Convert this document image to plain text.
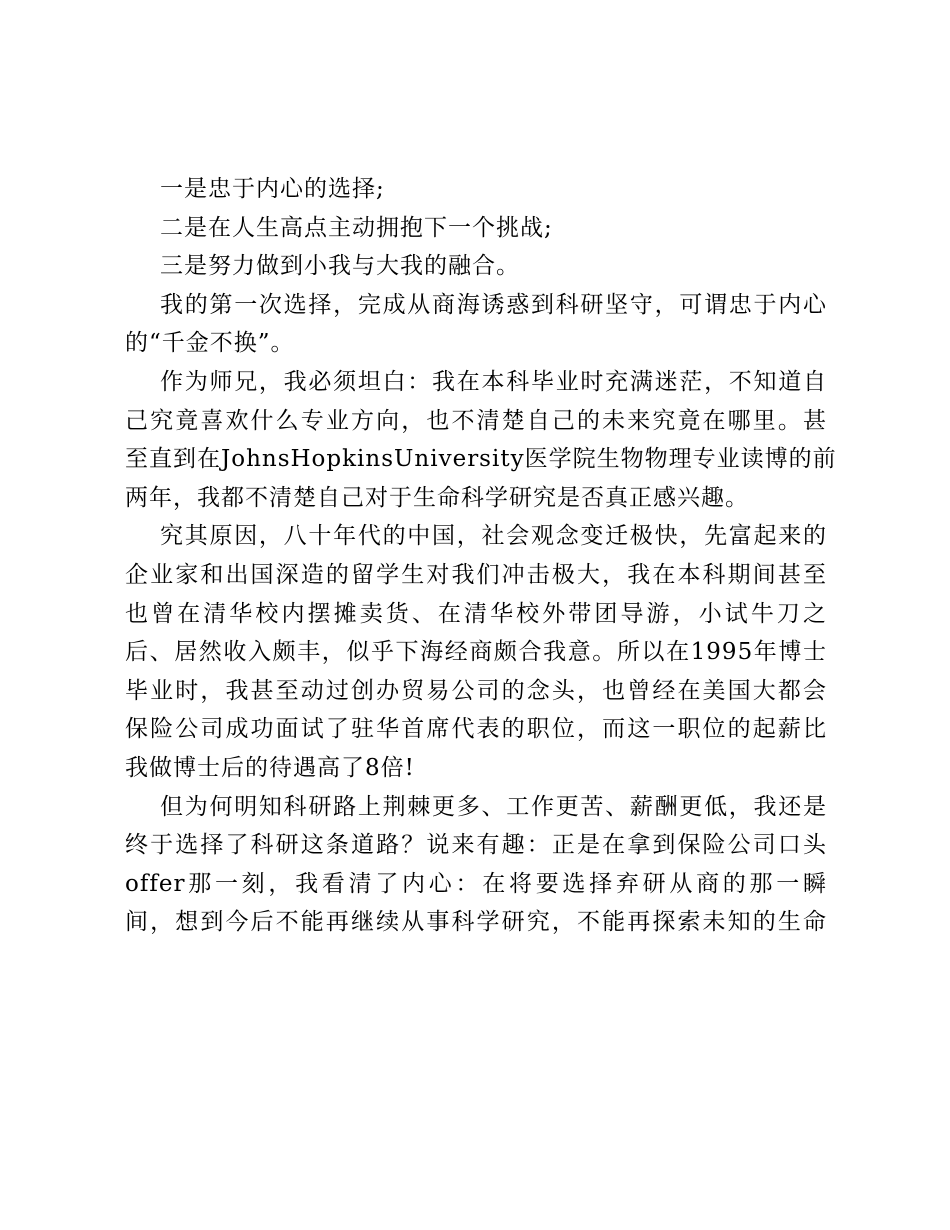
一是忠于内心的选择;
二是在人生高点主动拥抱下一个挑战;
三是努力做到小我与大我的融合。
我的第一次选择，完成从商海诱惑到科研坚守，可谓忠于内心
的“千金不换”。
作为师兄，我必须坦白：我在本科毕业时充满迷茫，不知道自
己究竟喜欢什么专业方向，也不清楚自己的未来究竟在哪里。甚
至直到在JohnsHopkinsUniversity医学院生物物理专业读博的前
两年，我都不清楚自己对于生命科学研究是否真正感兴趣。
究其原因，八十年代的中国，社会观念变迁极快，先富起来的
企业家和出国深造的留学生对我们冲击极大，我在本科期间甚至
也曾在清华校内摆摊卖货、在清华校外带团导游，小试牛刀之
后、居然收入颇丰，似乎下海经商颇合我意。所以在1995年博士
毕业时，我甚至动过创办贸易公司的念头，也曾经在美国大都会
保险公司成功面试了驻华首席代表的职位，而这一职位的起薪比
我做博士后的待遇高了8倍!
但为何明知科研路上荆棘更多、工作更苦、薪酬更低，我还是
终于选择了科研这条道路？说来有趣：正是在拿到保险公司口头
offer那一刻，我看清了内心：在将要选择弃研从商的那一瞬
间，想到今后不能再继续从事科学研究，不能再探索未知的生命
